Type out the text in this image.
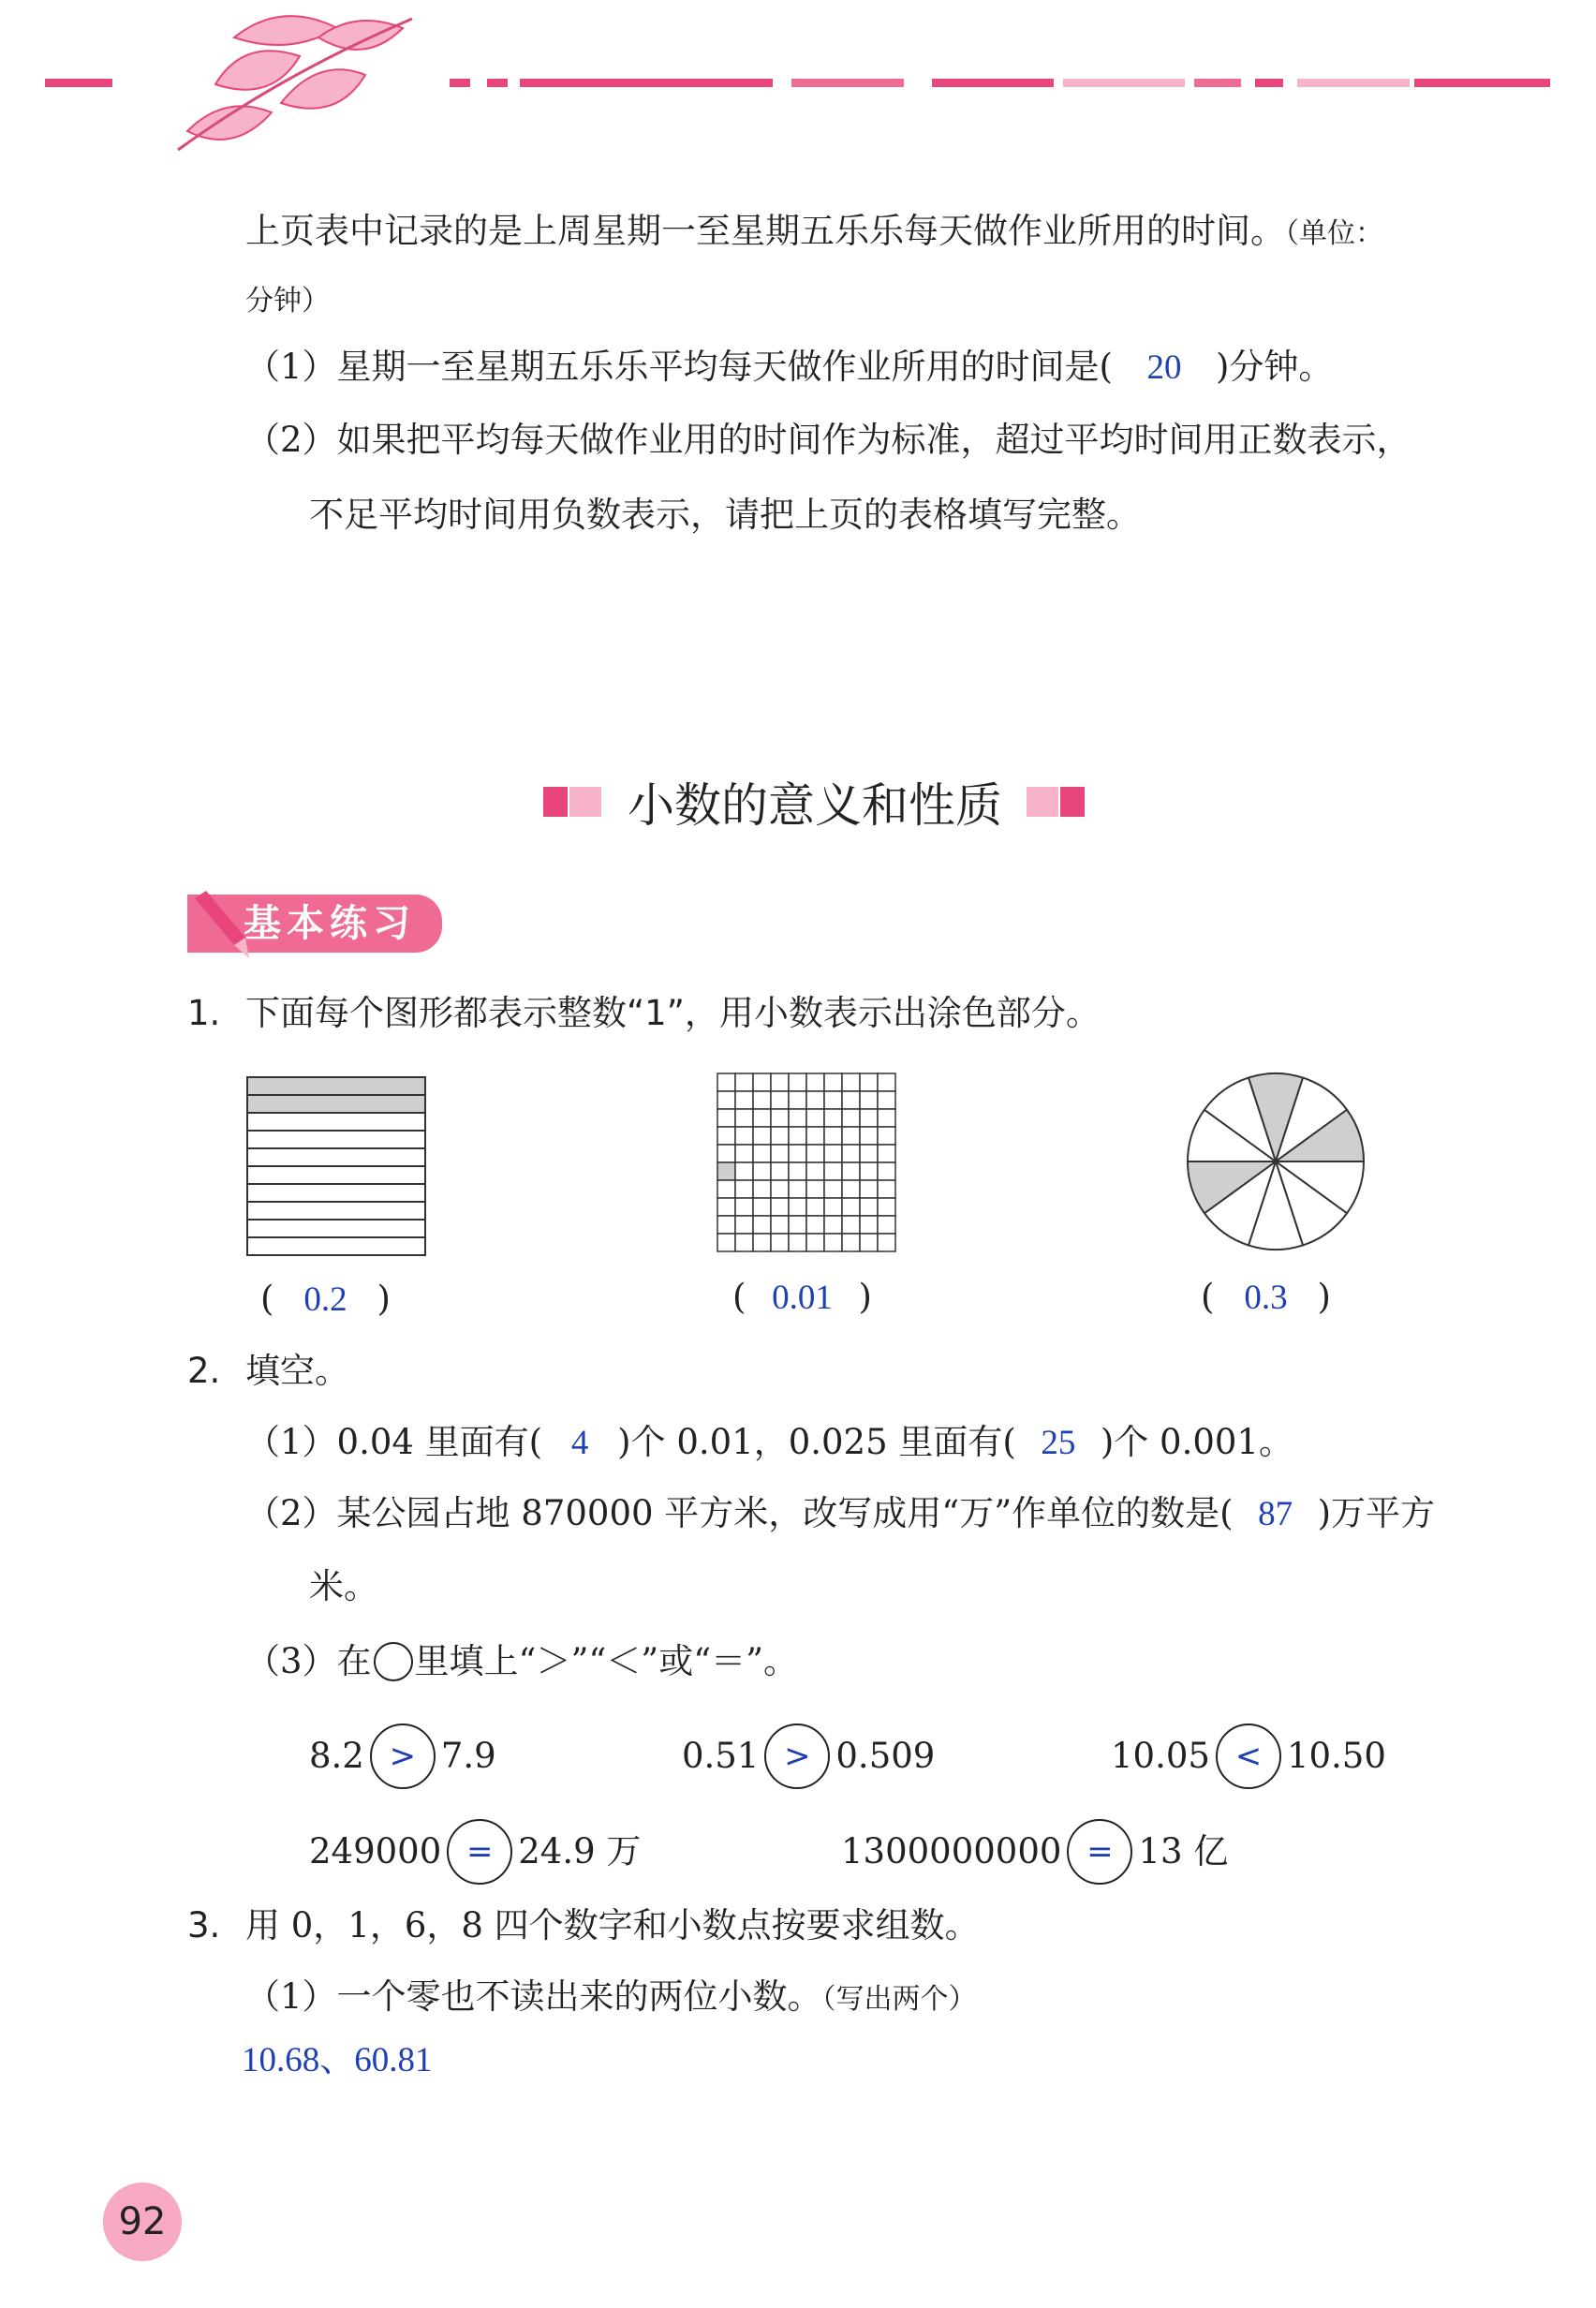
上页表中记录的是上周星期一至星期五乐乐每天做作业所用的时间。（单位：
分钟）
（1）星期一至星期五乐乐平均每天做作业所用的时间是( 20 )分钟。
（2）如果把平均每天做作业用的时间作为标准，超过平均时间用正数表示，
不足平均时间用负数表示，请把上页的表格填写完整。
小数的意义和性质
基本练习
1. 下面每个图形都表示整数“1”，用小数表示出涂色部分。
( 0.2 )	( 0.01 )	( 0.3 )
2. 填空。
（1）0.04 里面有( 4 )个 0.01，0.025 里面有( 25 )个 0.001。
（2）某公园占地 870000 平方米，改写成用“万”作单位的数是( 87 )万平方
米。
（3）在 里填上“＞”“＜”或“＝”。
8.2 > 7.9	0.51 > 0.509	10.05 < 10.50
249000 = 24.9 万	1300000000 = 13 亿
3. 用 0，1，6，8 四个数字和小数点按要求组数。
（1）一个零也不读出来的两位小数。（写出两个）
10.68、60.81
92
